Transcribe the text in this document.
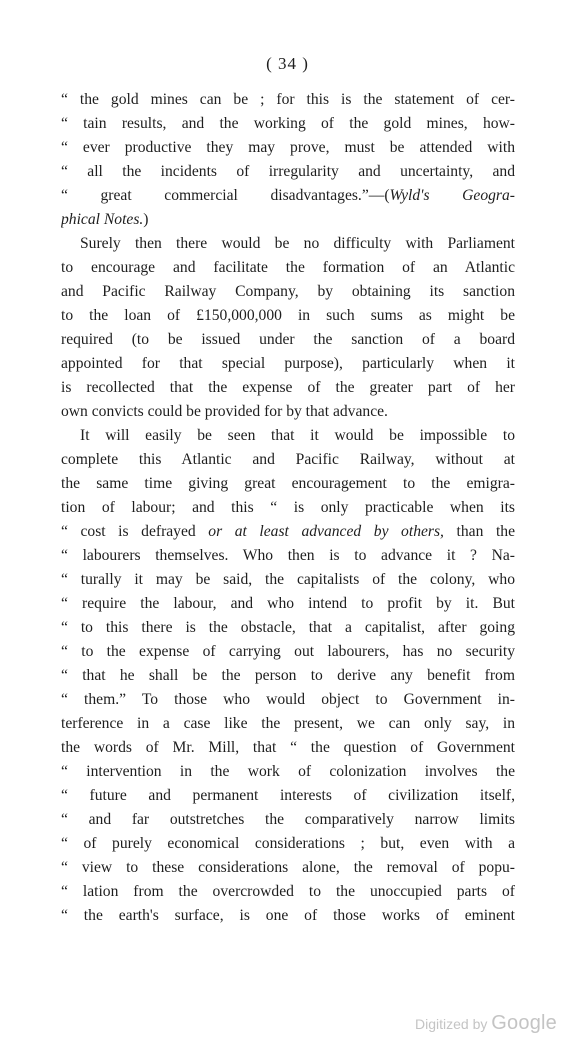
( 34 )
“ the gold mines can be ; for this is the statement of cer-
“ tain results, and the working of the gold mines, how-
“ ever productive they may prove, must be attended with
“ all the incidents of irregularity and uncertainty, and
“ great commercial disadvantages.”—(Wyld's Geogra-
phical Notes.)
Surely then there would be no difficulty with Parliament
to encourage and facilitate the formation of an Atlantic
and Pacific Railway Company, by obtaining its sanction
to the loan of £150,000,000 in such sums as might be
required (to be issued under the sanction of a board
appointed for that special purpose), particularly when it
is recollected that the expense of the greater part of her
own convicts could be provided for by that advance.
It will easily be seen that it would be impossible to
complete this Atlantic and Pacific Railway, without at
the same time giving great encouragement to the emigra-
tion of labour; and this “ is only practicable when its
“ cost is defrayed or at least advanced by others, than the
“ labourers themselves. Who then is to advance it ? Na-
“ turally it may be said, the capitalists of the colony, who
“ require the labour, and who intend to profit by it. But
“ to this there is the obstacle, that a capitalist, after going
“ to the expense of carrying out labourers, has no security
“ that he shall be the person to derive any benefit from
“ them.” To those who would object to Government in-
terference in a case like the present, we can only say, in
the words of Mr. Mill, that “ the question of Government
“ intervention in the work of colonization involves the
“ future and permanent interests of civilization itself,
“ and far outstretches the comparatively narrow limits
“ of purely economical considerations ; but, even with a
“ view to these considerations alone, the removal of popu-
“ lation from the overcrowded to the unoccupied parts of
“ the earth's surface, is one of those works of eminent
Digitized by Google
